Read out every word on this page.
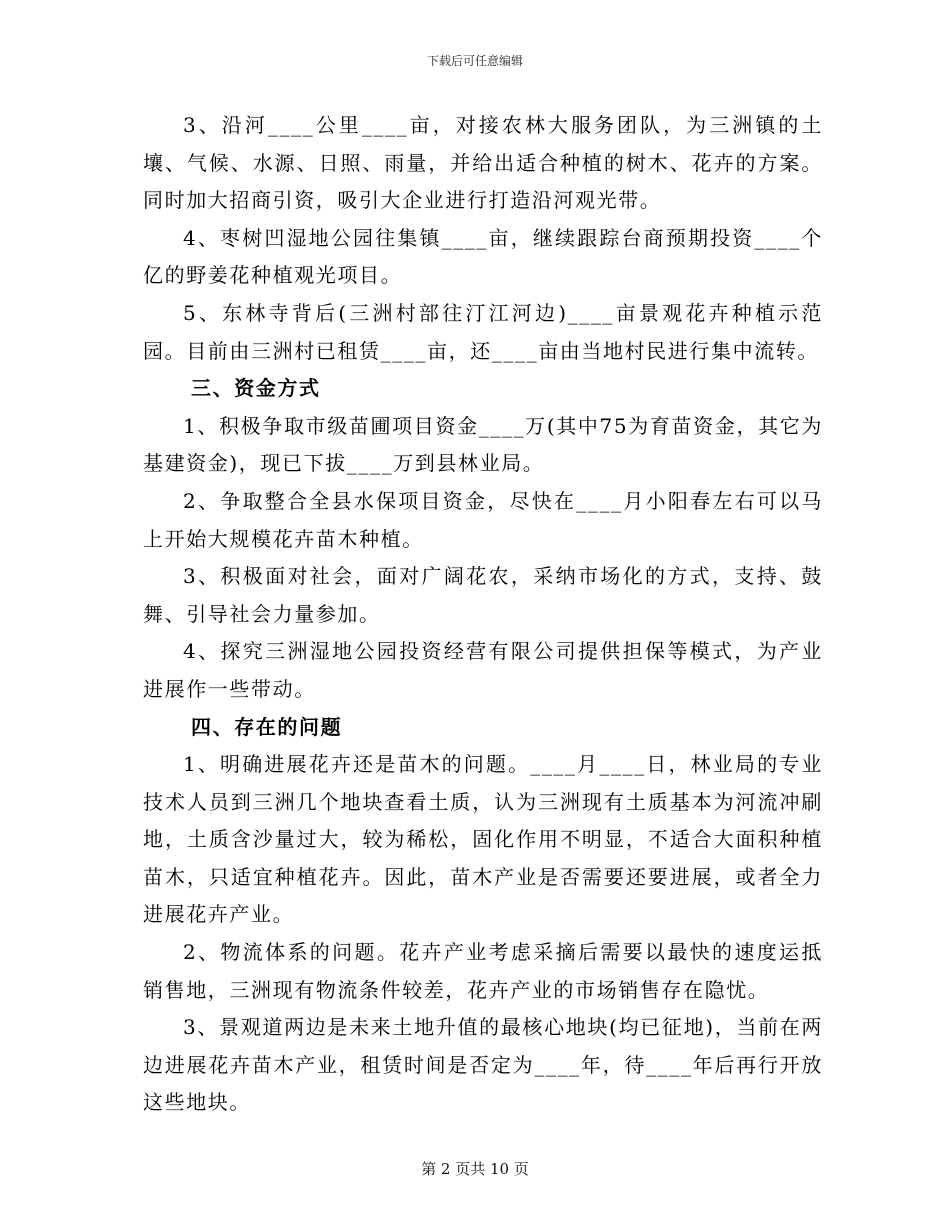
下载后可任意编辑

3、沿河____公里____亩，对接农林大服务团队，为三洲镇的土壤、气候、水源、日照、雨量，并给出适合种植的树木、花卉的方案。同时加大招商引资，吸引大企业进行打造沿河观光带。

4、枣树凹湿地公园往集镇____亩，继续跟踪台商预期投资____个亿的野姜花种植观光项目。

5、东林寺背后(三洲村部往汀江河边)____亩景观花卉种植示范园。目前由三洲村已租赁____亩，还____亩由当地村民进行集中流转。

三、资金方式

1、积极争取市级苗圃项目资金____万(其中75为育苗资金，其它为基建资金)，现已下拔____万到县林业局。

2、争取整合全县水保项目资金，尽快在____月小阳春左右可以马上开始大规模花卉苗木种植。

3、积极面对社会，面对广阔花农，采纳市场化的方式，支持、鼓舞、引导社会力量参加。

4、探究三洲湿地公园投资经营有限公司提供担保等模式，为产业进展作一些带动。

四、存在的问题

1、明确进展花卉还是苗木的问题。____月____日，林业局的专业技术人员到三洲几个地块查看土质，认为三洲现有土质基本为河流冲刷地，土质含沙量过大，较为稀松，固化作用不明显，不适合大面积种植苗木，只适宜种植花卉。因此，苗木产业是否需要还要进展，或者全力进展花卉产业。

2、物流体系的问题。花卉产业考虑采摘后需要以最快的速度运抵销售地，三洲现有物流条件较差，花卉产业的市场销售存在隐忧。

3、景观道两边是未来土地升值的最核心地块(均已征地)，当前在两边进展花卉苗木产业，租赁时间是否定为____年，待____年后再行开放这些地块。

第 2 页共 10 页
